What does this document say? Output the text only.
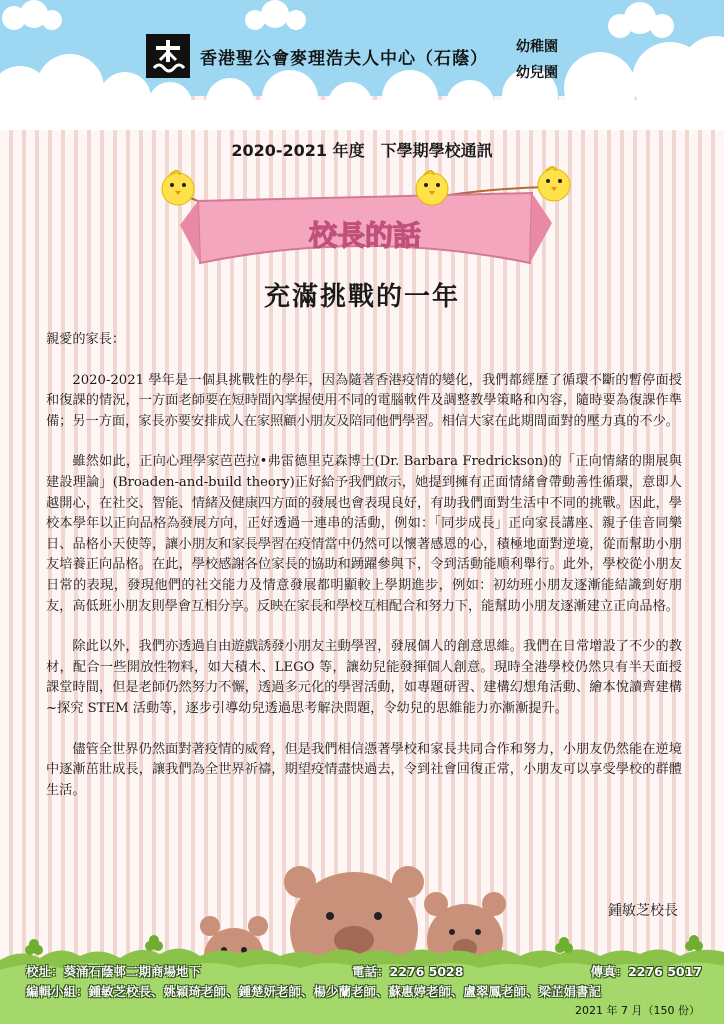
香港聖公會麥理浩夫人中心（石蔭）
幼稚園
幼兒園
2020-2021 年度　下學期學校通訊
校長的話
充滿挑戰的一年

親愛的家長：

2020-2021 學年是一個具挑戰性的學年，因為隨著香港疫情的變化，我們都經歷了循環不斷的暫停面授和復課的情況，一方面老師要在短時間內掌握使用不同的電腦軟件及調整教學策略和內容，隨時要為復課作準備；另一方面，家長亦要安排成人在家照顧小朋友及陪同他們學習。相信大家在此期間面對的壓力真的不少。

雖然如此，正向心理學家芭芭拉•弗雷德里克森博士(Dr. Barbara Fredrickson)的「正向情緒的開展與建設理論」(Broaden-and-build theory)正好給予我們啟示，她提到擁有正面情緒會帶動善性循環，意即人越開心，在社交、智能、情緒及健康四方面的發展也會表現良好，有助我們面對生活中不同的挑戰。因此，學校本學年以正向品格為發展方向，正好透過一連串的活動，例如：「同步成長」正向家長講座、親子佳音同樂日、品格小天使等，讓小朋友和家長學習在疫情當中仍然可以懷著感恩的心，積極地面對逆境，從而幫助小朋友培養正向品格。在此，學校感謝各位家長的協助和踴躍參與下，令到活動能順利舉行。此外，學校從小朋友日常的表現，發現他們的社交能力及情意發展都明顯較上學期進步，例如：初幼班小朋友逐漸能結識到好朋友，高低班小朋友則學會互相分享。反映在家長和學校互相配合和努力下，能幫助小朋友逐漸建立正向品格。

除此以外，我們亦透過自由遊戲誘發小朋友主動學習，發展個人的創意思維。我們在日常增設了不少的教材，配合一些開放性物料，如大積木、LEGO 等，讓幼兒能發揮個人創意。現時全港學校仍然只有半天面授課堂時間，但是老師仍然努力不懈，透過多元化的學習活動，如專題研習、建構幻想角活動、繪本悅讀齊建構~探究 STEM 活動等，逐步引導幼兒透過思考解決問題，令幼兒的思維能力亦漸漸提升。

儘管全世界仍然面對著疫情的威脅，但是我們相信憑著學校和家長共同合作和努力，小朋友仍然能在逆境中逐漸茁壯成長，讓我們為全世界祈禱，期望疫情盡快過去，令到社會回復正常，小朋友可以享受學校的群體生活。

鍾敏芝校長
校址：葵涌石蔭邨二期商場地下	電話：2276 5028	傳真：2276 5017
編輯小組：鍾敏芝校長、姚穎琦老師、鍾楚妍老師、楊少蘭老師、蘇惠婷老師、盧翠鳳老師、梁芷娟書記
2021 年 7 月（150 份）
